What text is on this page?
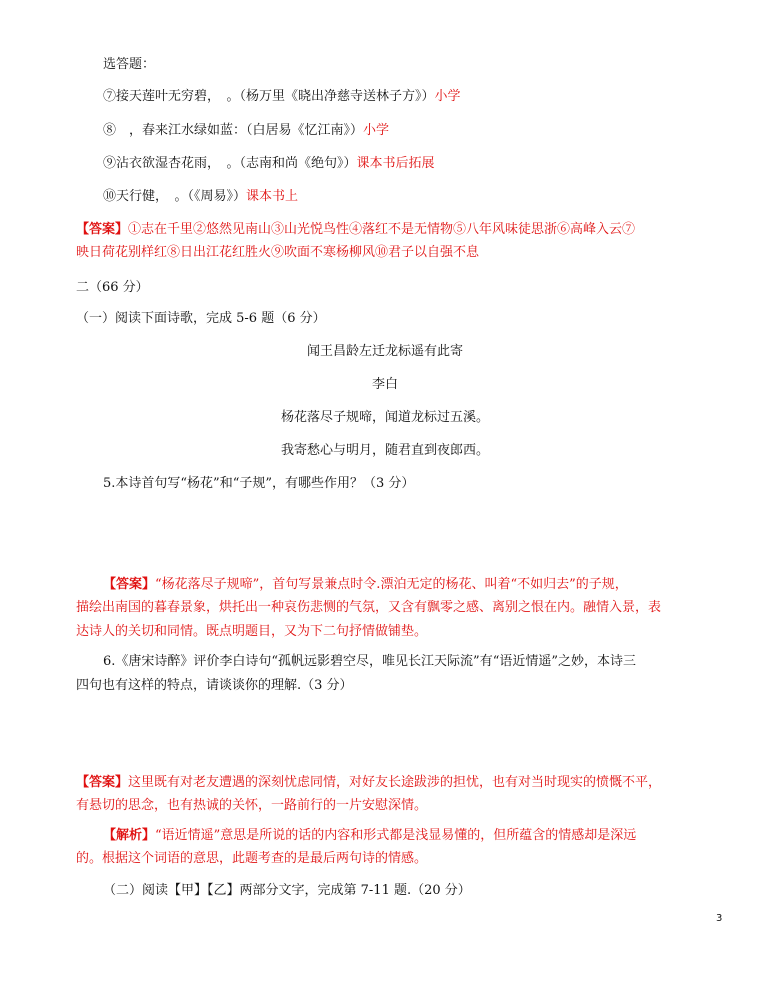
选答题：
⑦接天莲叶无穷碧，　。（杨万里《晓出净慈寺送林子方》）小学
⑧　，春来江水绿如蓝：（白居易《忆江南》）小学
⑨沾衣欲湿杏花雨，　。（志南和尚《绝句》）课本书后拓展
⑩天行健，　。（《周易》）课本书上
【答案】①志在千里②悠然见南山③山光悦鸟性④落红不是无情物⑤八年风味徒思浙⑥高峰入云⑦
映日荷花别样红⑧日出江花红胜火⑨吹面不寒杨柳风⑩君子以自强不息
二（66 分）
（一）阅读下面诗歌，完成 5-6 题（6 分）
闻王昌龄左迁龙标遥有此寄
李白
杨花落尽子规啼，闻道龙标过五溪。
我寄愁心与明月，随君直到夜郎西。
5.本诗首句写“杨花”和“子规”，有哪些作用？（3 分）
【答案】“杨花落尽子规啼”，首句写景兼点时令.漂泊无定的杨花、叫着“不如归去”的子规，
描绘出南国的暮春景象，烘托出一种哀伤悲恻的气氛，又含有飘零之感、离别之恨在内。融情入景，表
达诗人的关切和同情。既点明题目，又为下二句抒情做铺垫。
6.《唐宋诗醉》评价李白诗句“孤帆远影碧空尽，唯见长江天际流”有“语近情遥”之妙，本诗三
四句也有这样的特点，请谈谈你的理解.（3 分）
【答案】这里既有对老友遭遇的深刻忧虑同情，对好友长途跋涉的担忧，也有对当时现实的愤慨不平，
有悬切的思念，也有热诚的关怀，一路前行的一片安慰深情。
【解析】“语近情遥”意思是所说的话的内容和形式都是浅显易懂的，但所蕴含的情感却是深远
的。根据这个词语的意思，此题考查的是最后两句诗的情感。
（二）阅读【甲】【乙】两部分文字，完成第 7-11 题.（20 分）
3
